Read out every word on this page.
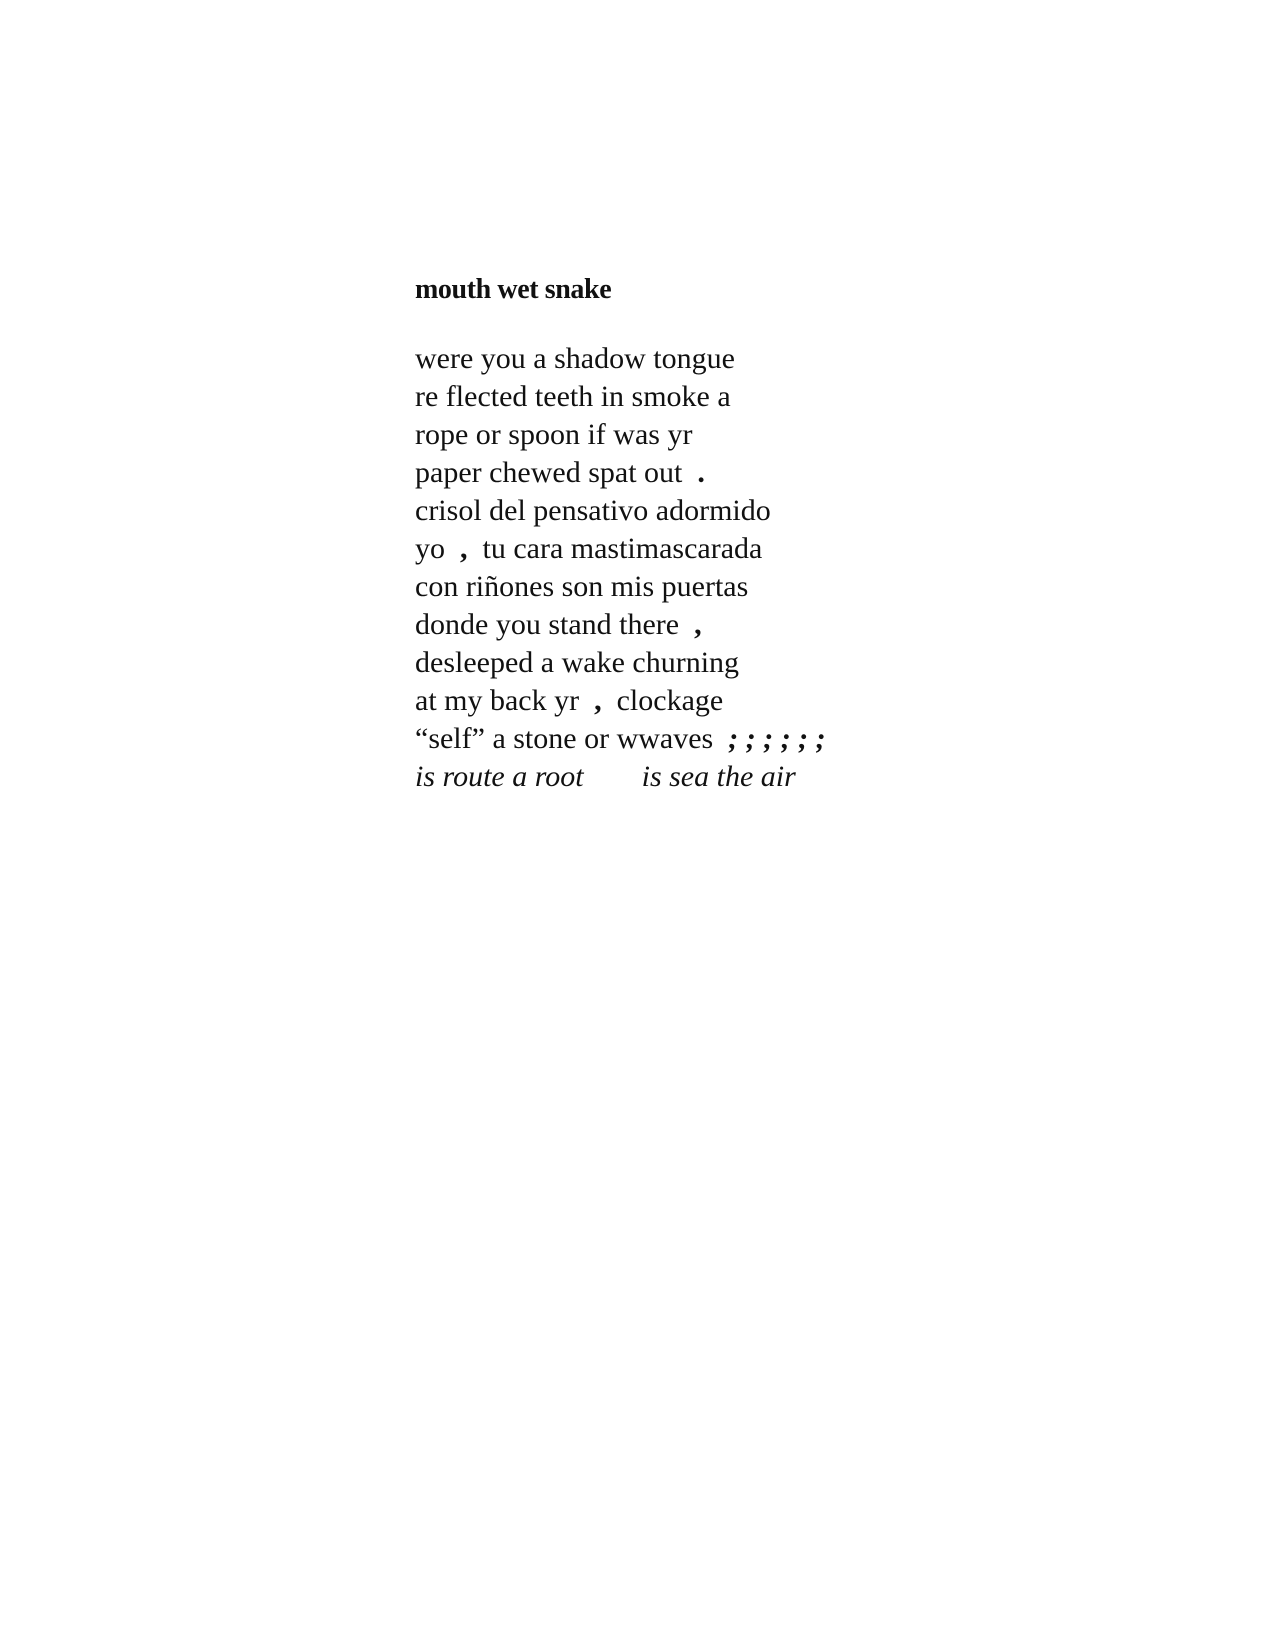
mouth wet snake
were you a shadow tongue
re flected teeth in smoke a
rope or spoon if was yr
paper chewed spat out  .
crisol del pensativo adormido
yo  ,  tu cara mastimascarada
con riñones son mis puertas
donde you stand there  ,
desleeped a wake churning
at my back yr  ,  clockage
“self” a stone or wwaves  ; ; ; ; ; ;
is route a root is sea the air
